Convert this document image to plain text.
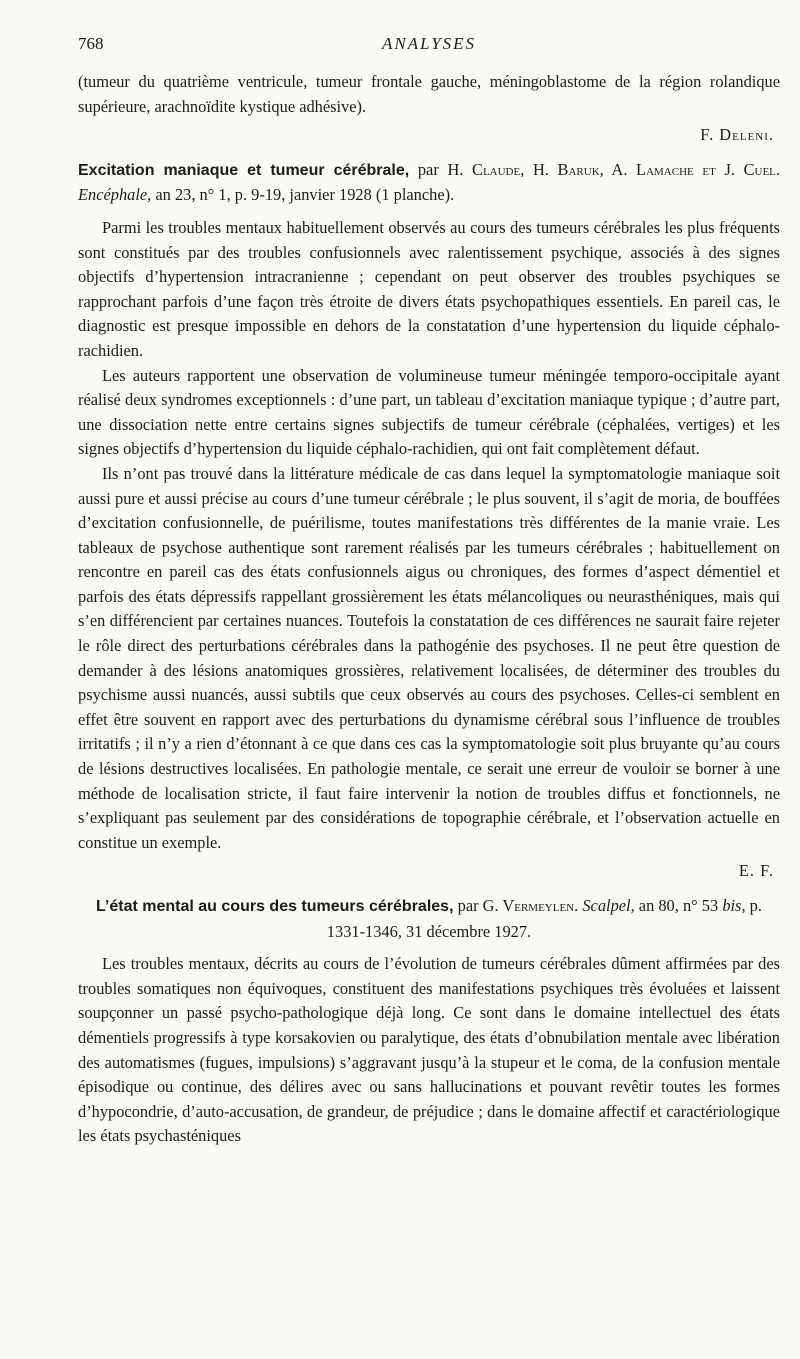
768	ANALYSES

(tumeur du quatrième ventricule, tumeur frontale gauche, méningoblastome de la région rolandique supérieure, arachnoïdite kystique adhésive).

F. Deleni.

Excitation maniaque et tumeur cérébrale, par H. Claude, H. Baruk, A. Lamache et J. Cuel. Encéphale, an 23, n° 1, p. 9-19, janvier 1928 (1 planche).

Parmi les troubles mentaux habituellement observés au cours des tumeurs cérébrales les plus fréquents sont constitués par des troubles confusionnels avec ralentissement psychique, associés à des signes objectifs d’hypertension intracranienne ; cependant on peut observer des troubles psychiques se rapprochant parfois d’une façon très étroite de divers états psychopathiques essentiels. En pareil cas, le diagnostic est presque impossible en dehors de la constatation d’une hypertension du liquide céphalo-rachidien.

Les auteurs rapportent une observation de volumineuse tumeur méningée temporo-occipitale ayant réalisé deux syndromes exceptionnels : d’une part, un tableau d’excitation maniaque typique ; d’autre part, une dissociation nette entre certains signes subjectifs de tumeur cérébrale (céphalées, vertiges) et les signes objectifs d’hypertension du liquide céphalo-rachidien, qui ont fait complètement défaut.

Ils n’ont pas trouvé dans la littérature médicale de cas dans lequel la symptomatologie maniaque soit aussi pure et aussi précise au cours d’une tumeur cérébrale ; le plus souvent, il s’agit de moria, de bouffées d’excitation confusionnelle, de puérilisme, toutes manifestations très différentes de la manie vraie. Les tableaux de psychose authentique sont rarement réalisés par les tumeurs cérébrales ; habituellement on rencontre en pareil cas des états confusionnels aigus ou chroniques, des formes d’aspect démentiel et parfois des états dépressifs rappellant grossièrement les états mélancoliques ou neurasthéniques, mais qui s’en différencient par certaines nuances. Toutefois la constatation de ces différences ne saurait faire rejeter le rôle direct des perturbations cérébrales dans la pathogénie des psychoses. Il ne peut être question de demander à des lésions anatomiques grossières, relativement localisées, de déterminer des troubles du psychisme aussi nuancés, aussi subtils que ceux observés au cours des psychoses. Celles-ci semblent en effet être souvent en rapport avec des perturbations du dynamisme cérébral sous l’influence de troubles irritatifs ; il n’y a rien d’étonnant à ce que dans ces cas la symptomatologie soit plus bruyante qu’au cours de lésions destructives localisées. En pathologie mentale, ce serait une erreur de vouloir se borner à une méthode de localisation stricte, il faut faire intervenir la notion de troubles diffus et fonctionnels, ne s’expliquant pas seulement par des considérations de topographie cérébrale, et l’observation actuelle en constitue un exemple.

E. F.

L’état mental au cours des tumeurs cérébrales, par G. Vermeylen. Scalpel, an 80, n° 53 bis, p. 1331-1346, 31 décembre 1927.

Les troubles mentaux, décrits au cours de l’évolution de tumeurs cérébrales dûment affirmées par des troubles somatiques non équivoques, constituent des manifestations psychiques très évoluées et laissent soupçonner un passé psycho-pathologique déjà long. Ce sont dans le domaine intellectuel des états démentiels progressifs à type korsakovien ou paralytique, des états d’obnubilation mentale avec libération des automatismes (fugues, impulsions) s’aggravant jusqu’à la stupeur et le coma, de la confusion mentale épisodique ou continue, des délires avec ou sans hallucinations et pouvant revêtir toutes les formes d’hypocondrie, d’auto-accusation, de grandeur, de préjudice ; dans le domaine affectif et caractériologique les états psychasténiques
